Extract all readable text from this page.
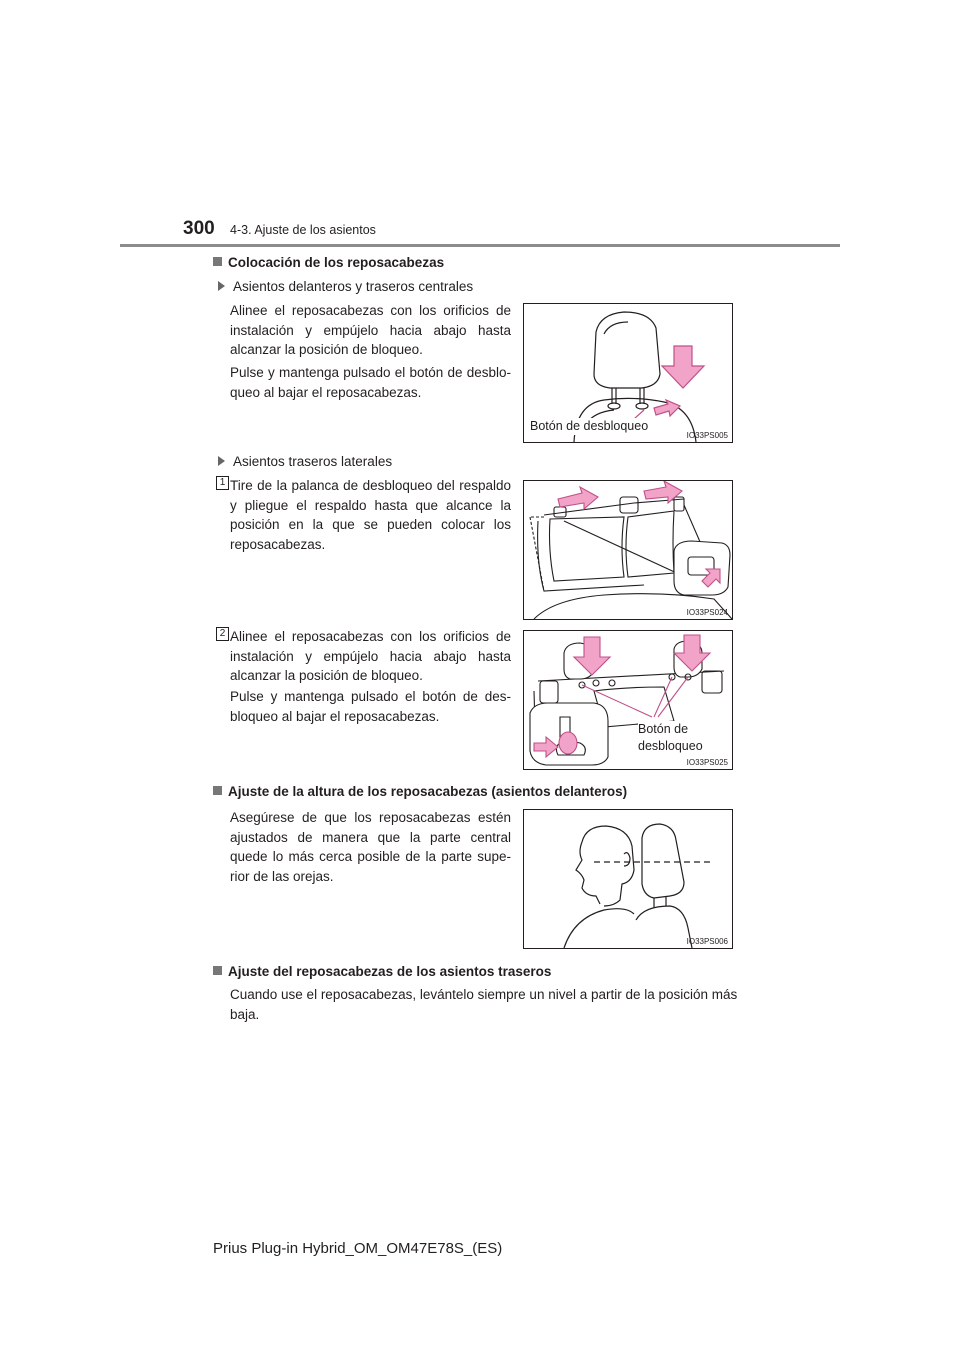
300 4-3. Ajuste de los asientos
Colocación de los reposacabezas
Asientos delanteros y traseros centrales
Alinee el reposacabezas con los orificios de instalación y empújelo hacia abajo hasta alcanzar la posición de bloqueo.
Pulse y mantenga pulsado el botón de desbloqueo al bajar el reposacabezas.
Botón de desbloqueo
IO33PS005
Asientos traseros laterales
1 Tire de la palanca de desbloqueo del respaldo y pliegue el respaldo hasta que alcance la posición en la que se pueden colocar los reposacabezas.
IO33PS024
2 Alinee el reposacabezas con los orificios de instalación y empújelo hacia abajo hasta alcanzar la posición de bloqueo.
Pulse y mantenga pulsado el botón de desbloqueo al bajar el reposacabezas.
Botón de
desbloqueo
IO33PS025
Ajuste de la altura de los reposacabezas (asientos delanteros)
Asegúrese de que los reposacabezas estén ajustados de manera que la parte central quede lo más cerca posible de la parte superior de las orejas.
IO33PS006
Ajuste del reposacabezas de los asientos traseros
Cuando use el reposacabezas, levántelo siempre un nivel a partir de la posición más baja.
Prius Plug-in Hybrid_OM_OM47E78S_(ES)
